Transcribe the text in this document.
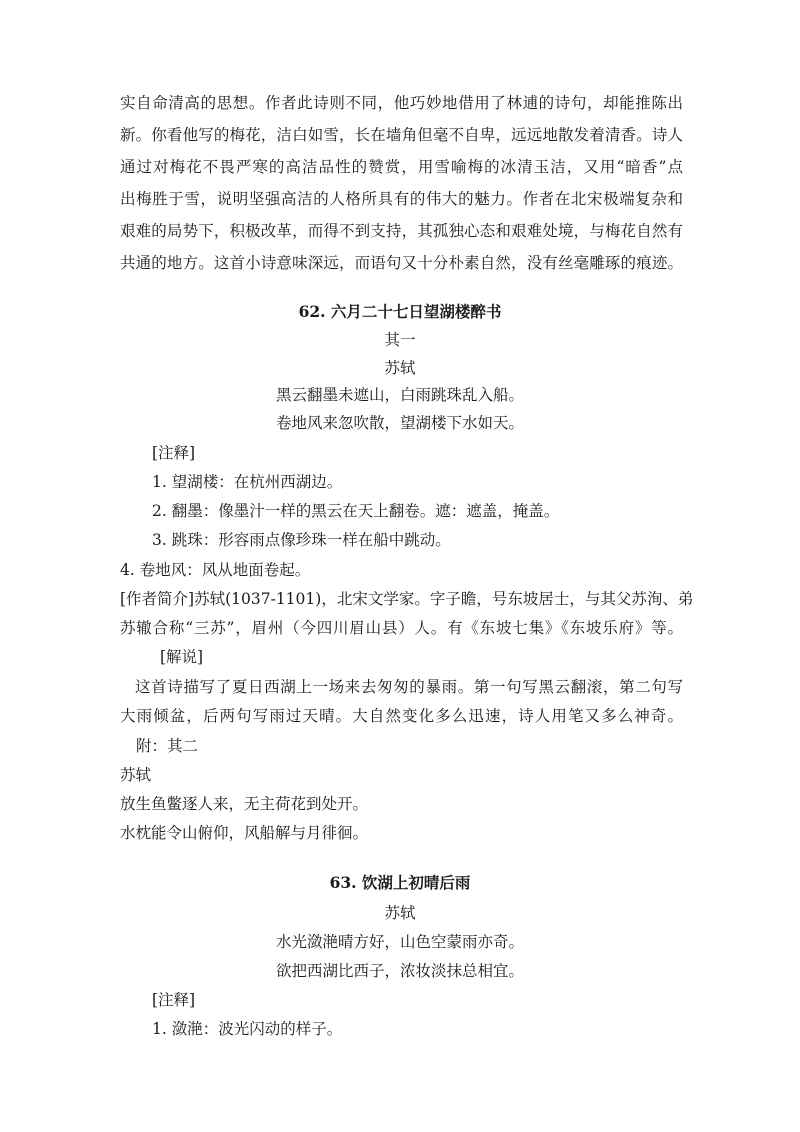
实自命清高的思想。作者此诗则不同，他巧妙地借用了林逋的诗句，却能推陈出
新。你看他写的梅花，洁白如雪，长在墙角但毫不自卑，远远地散发着清香。诗人
通过对梅花不畏严寒的高洁品性的赞赏，用雪喻梅的冰清玉洁，又用“暗香”点
出梅胜于雪，说明坚强高洁的人格所具有的伟大的魅力。作者在北宋极端复杂和
艰难的局势下，积极改革，而得不到支持，其孤独心态和艰难处境，与梅花自然有
共通的地方。这首小诗意味深远，而语句又十分朴素自然，没有丝毫雕琢的痕迹。
62. 六月二十七日望湖楼醉书
其一
苏轼
黑云翻墨未遮山，白雨跳珠乱入船。
卷地风来忽吹散，望湖楼下水如天。
[注释]
1. 望湖楼：在杭州西湖边。
2. 翻墨：像墨汁一样的黑云在天上翻卷。遮：遮盖，掩盖。
3. 跳珠：形容雨点像珍珠一样在船中跳动。
4. 卷地风：风从地面卷起。
[作者简介]苏轼(1037-1101)，北宋文学家。字子瞻，号东坡居士，与其父苏洵、弟
苏辙合称“三苏”，眉州（今四川眉山县）人。有《东坡七集》《东坡乐府》等。
[解说]
这首诗描写了夏日西湖上一场来去匆匆的暴雨。第一句写黑云翻滚，第二句写
大雨倾盆，后两句写雨过天晴。大自然变化多么迅速，诗人用笔又多么神奇。
附：其二
苏轼
放生鱼鳖逐人来，无主荷花到处开。
水枕能令山俯仰，风船解与月徘徊。
63. 饮湖上初晴后雨
苏轼
水光潋滟晴方好，山色空蒙雨亦奇。
欲把西湖比西子，浓妆淡抹总相宜。
[注释]
1. 潋滟：波光闪动的样子。
